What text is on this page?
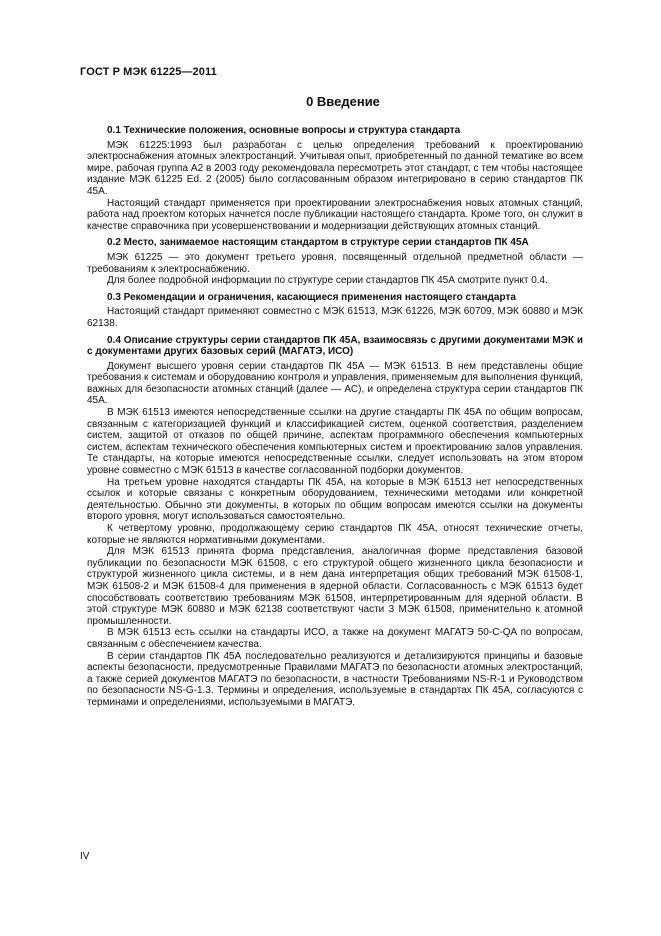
ГОСТ Р МЭК 61225—2011
0 Введение
0.1 Технические положения, основные вопросы и структура стандарта

МЭК 61225:1993 был разработан с целью определения требований к проектированию электроснабжения атомных электростанций. Учитывая опыт, приобретенный по данной тематике во всем мире, рабочая группа А2 в 2003 году рекомендовала пересмотреть этот стандарт, с тем чтобы настоящее издание МЭК 61225 Ed. 2 (2005) было согласованным образом интегрировано в серию стандартов ПК 45А.

Настоящий стандарт применяется при проектировании электроснабжения новых атомных станций, работа над проектом которых начнется после публикации настоящего стандарта. Кроме того, он служит в качестве справочника при усовершенствовании и модернизации действующих атомных станций.

0.2 Место, занимаемое настоящим стандартом в структуре серии стандартов ПК 45А

МЭК 61225 — это документ третьего уровня, посвященный отдельной предметной области — требованиям к электроснабжению.

Для более подробной информации по структуре серии стандартов ПК 45А смотрите пункт 0.4.

0.3 Рекомендации и ограничения, касающиеся применения настоящего стандарта

Настоящий стандарт применяют совместно с МЭК 61513, МЭК 61226, МЭК 60709, МЭК 60880 и МЭК 62138.

0.4 Описание структуры серии стандартов ПК 45А, взаимосвязь с другими документами МЭК и с документами других базовых серий (МАГАТЭ, ИСО)

Документ высшего уровня серии стандартов ПК 45А — МЭК 61513. В нем представлены общие требования к системам и оборудованию контроля и управления, применяемым для выполнения функций, важных для безопасности атомных станций (далее — АС), и определена структура серии стандартов ПК 45А.

В МЭК 61513 имеются непосредственные ссылки на другие стандарты ПК 45А по общим вопросам, связанным с категоризацией функций и классификацией систем, оценкой соответствия, разделением систем, защитой от отказов по общей причине, аспектам программного обеспечения компьютерных систем, аспектам технического обеспечения компьютерных систем и проектированию залов управления. Те стандарты, на которые имеются непосредственные ссылки, следует использовать на этом втором уровне совместно с МЭК 61513 в качестве согласованной подборки документов.

На третьем уровне находятся стандарты ПК 45А, на которые в МЭК 61513 нет непосредственных ссылок и которые связаны с конкретным оборудованием, техническими методами или конкретной деятельностью. Обычно эти документы, в которых по общим вопросам имеются ссылки на документы второго уровня, могут использоваться самостоятельно.

К четвертому уровню, продолжающему серию стандартов ПК 45А, относят технические отчеты, которые не являются нормативными документами.

Для МЭК 61513 принята форма представления, аналогичная форме представления базовой публикации по безопасности МЭК 61508, с его структурой общего жизненного цикла безопасности и структурой жизненного цикла системы, и в нем дана интерпретация общих требований МЭК 61508-1, МЭК 61508-2 и МЭК 61508-4 для применения в ядерной области. Согласованность с МЭК 61513 будет способствовать соответствию требованиям МЭК 61508, интерпретированным для ядерной области. В этой структуре МЭК 60880 и МЭК 62138 соответствуют части 3 МЭК 61508, применительно к атомной промышленности.

В МЭК 61513 есть ссылки на стандарты ИСО, а также на документ МАГАТЭ 50-С-QA по вопросам, связанным с обеспечением качества.

В серии стандартов ПК 45А последовательно реализуются и детализируются принципы и базовые аспекты безопасности, предусмотренные Правилами МАГАТЭ по безопасности атомных электростанций, а также серией документов МАГАТЭ по безопасности, в частности Требованиями NS-R-1 и Руководством по безопасности NS-G-1.3. Термины и определения, используемые в стандартах ПК 45А, согласуются с терминами и определениями, используемыми в МАГАТЭ.

IV
